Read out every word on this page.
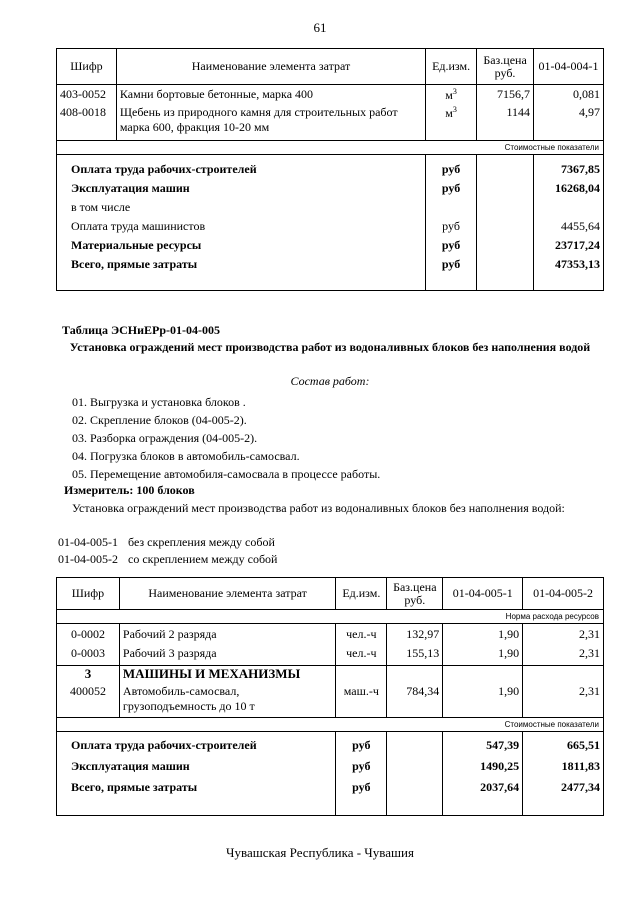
61
Шифр	Наименование элемента затрат	Ед.изм.	Баз.цена руб.	01-04-004-1
403-0052	Камни бортовые бетонные, марка 400	$м^3$	7156,7	0,081
408-0018	Щебень из природного камня для строительных работ марка 600, фракция 10-20 мм	$м^3$	1144	4,97
Стоимостные показатели				

Оплата труда рабочих-строителей		руб		7367,85
Эксплуатация машин		руб		16268,04
в том числе				
Оплата труда машинистов		руб		4455,64
Материальные ресурсы		руб		23717,24
Всего, прямые затраты		руб		47353,13

Таблица ЭСНиЕРр-01-04-005
Установка ограждений мест производства работ из водоналивных блоков без наполнения водой
Состав работ:
01. Выгрузка и установка блоков .
02. Скрепление блоков (04-005-2).
03. Разборка ограждения (04-005-2).
04. Погрузка блоков в автомобиль-самосвал.
05. Перемещение автомобиля-самосвала в процессе работы.
Измеритель: 100 блоков
Установка ограждений мест производства работ из водоналивных блоков без наполнения водой:
01-04-005-1 без скрепления между собой
01-04-005-2 со скреплением между собой
Шифр	Наименование элемента затрат	Ед.изм.	Баз.цена руб.	01-04-005-1	01-04-005-2
Норма расхода ресурсов					
0-0002	Рабочий 2 разряда	чел.-ч	132,97	1,90	2,31
0-0003	Рабочий 3 разряда	чел.-ч	155,13	1,90	2,31
3	МАШИНЫ И МЕХАНИЗМЫ				
400052	Автомобиль-самосвал, грузоподъемность до 10 т	маш.-ч	784,34	1,90	2,31
Стоимостные показатели					

Оплата труда рабочих-строителей		руб		547,39	665,51
Эксплуатация машин		руб		1490,25	1811,83
Всего, прямые затраты		руб		2037,64	2477,34

Чувашская Республика - Чувашия
